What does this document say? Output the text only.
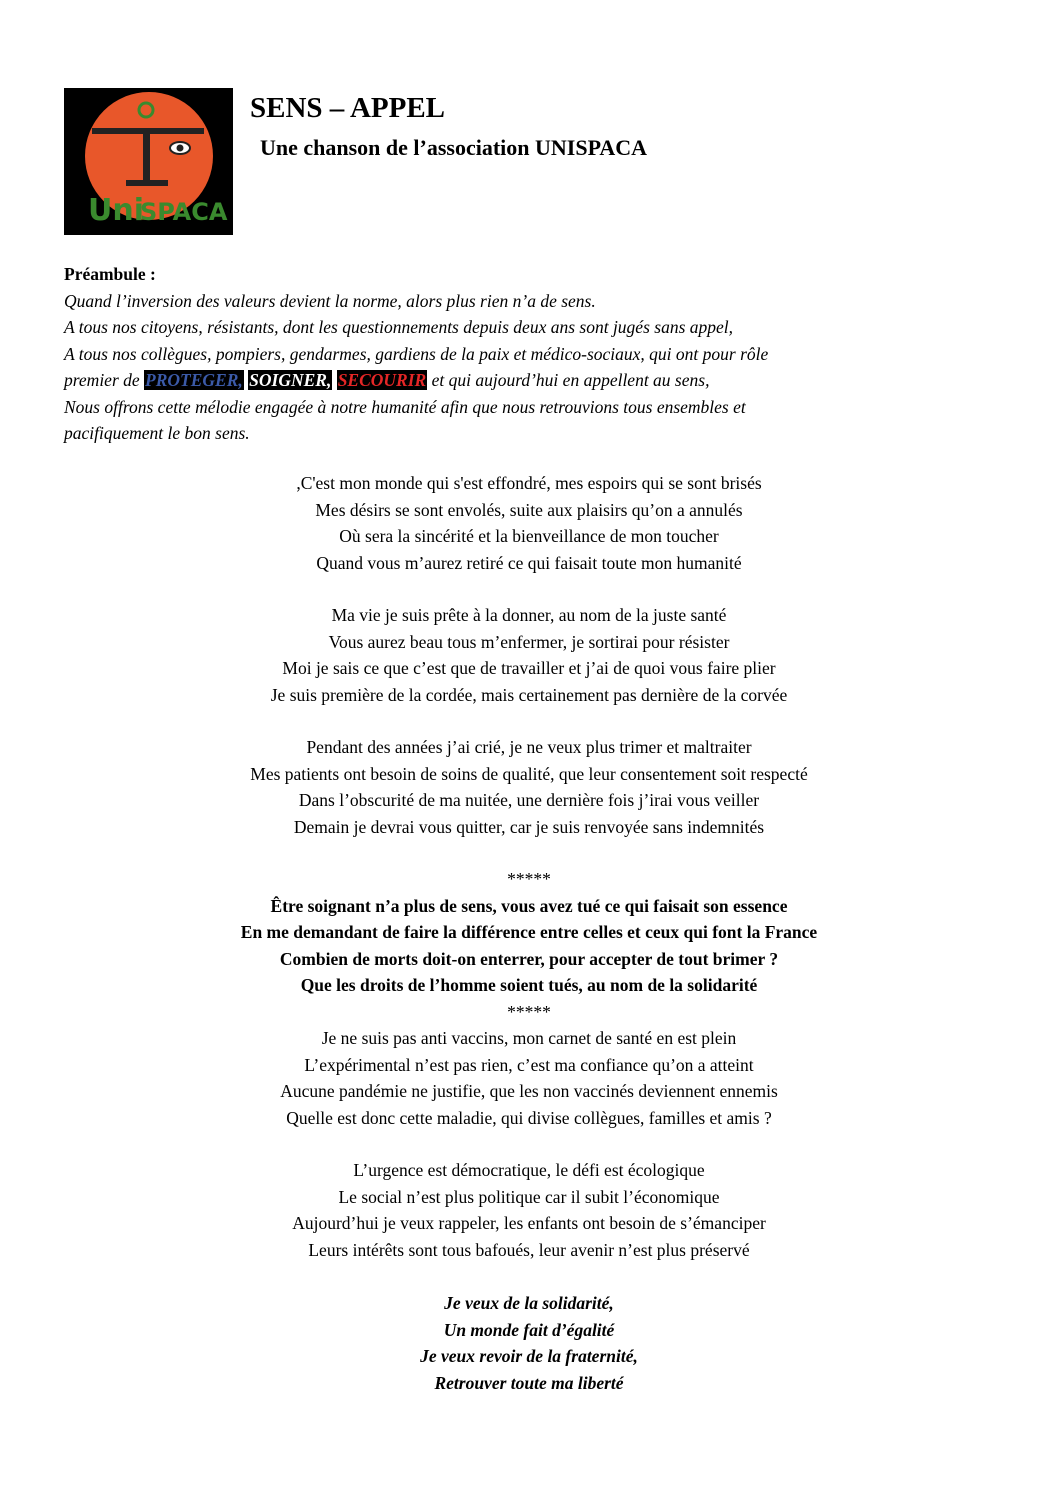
Uni
SPACA
SENS – APPEL
Une chanson de l’association UNISPACA
Préambule :
Quand l’inversion des valeurs devient la norme, alors plus rien n’a de sens.
A tous nos citoyens, résistants, dont les questionnements depuis deux ans sont jugés sans appel,
A tous nos collègues, pompiers, gendarmes, gardiens de la paix et médico-sociaux, qui ont pour rôle
premier de PROTEGER, SOIGNER, SECOURIR et qui aujourd’hui en appellent au sens,
Nous offrons cette mélodie engagée à notre humanité afin que nous retrouvions tous ensembles et
pacifiquement le bon sens.
,C'est mon monde qui s'est effondré, mes espoirs qui se sont brisés
Mes désirs se sont envolés, suite aux plaisirs qu’on a annulés
Où sera la sincérité et la bienveillance de mon toucher
Quand vous m’aurez retiré ce qui faisait toute mon humanité
Ma vie je suis prête à la donner, au nom de la juste santé
Vous aurez beau tous m’enfermer, je sortirai pour résister
Moi je sais ce que c’est que de travailler et j’ai de quoi vous faire plier
Je suis première de la cordée, mais certainement pas dernière de la corvée
Pendant des années j’ai crié, je ne veux plus trimer et maltraiter
Mes patients ont besoin de soins de qualité, que leur consentement soit respecté
Dans l’obscurité de ma nuitée, une dernière fois j’irai vous veiller
Demain je devrai vous quitter, car je suis renvoyée sans indemnités
*****
Être soignant n’a plus de sens, vous avez tué ce qui faisait son essence
En me demandant de faire la différence entre celles et ceux qui font la France
Combien de morts doit-on enterrer, pour accepter de tout brimer ?
Que les droits de l’homme soient tués, au nom de la solidarité
*****
Je ne suis pas anti vaccins, mon carnet de santé en est plein
L’expérimental n’est pas rien, c’est ma confiance qu’on a atteint
Aucune pandémie ne justifie, que les non vaccinés deviennent ennemis
Quelle est donc cette maladie, qui divise collègues, familles et amis ?
L’urgence est démocratique, le défi est écologique
Le social n’est plus politique car il subit l’économique
Aujourd’hui je veux rappeler, les enfants ont besoin de s’émanciper
Leurs intérêts sont tous bafoués, leur avenir n’est plus préservé
Je veux de la solidarité,
Un monde fait d’égalité
Je veux revoir de la fraternité,
Retrouver toute ma liberté
